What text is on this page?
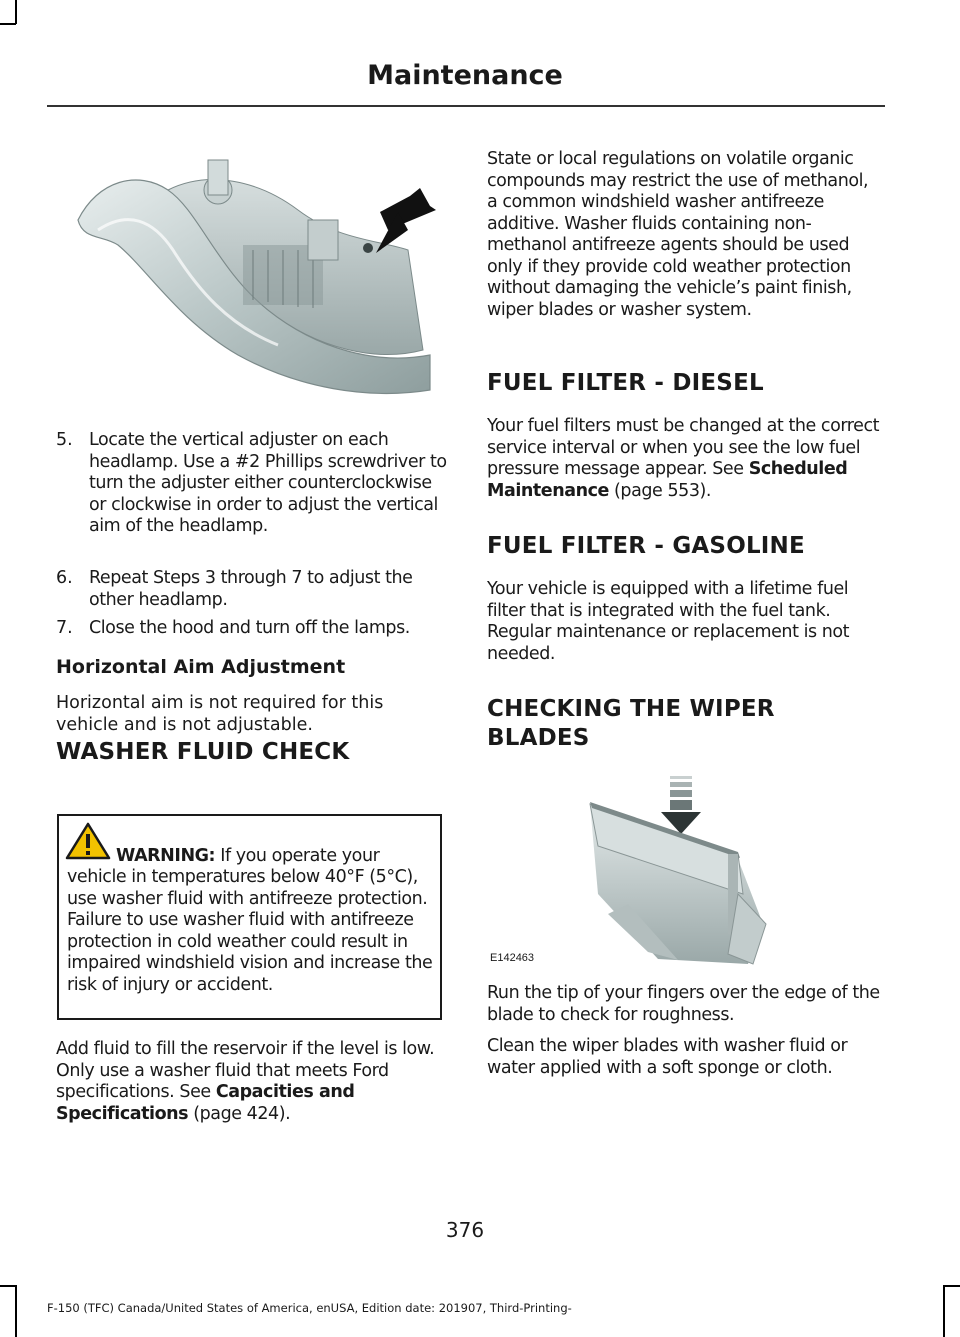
Maintenance
5. Locate the vertical adjuster on each headlamp. Use a #2 Phillips screwdriver to turn the adjuster either counterclockwise or clockwise in order to adjust the vertical aim of the headlamp.

6. Repeat Steps 3 through 7 to adjust the other headlamp.

7. Close the hood and turn off the lamps.

Horizontal Aim Adjustment

Horizontal aim is not required for this vehicle and is not adjustable.

WASHER FLUID CHECK

WARNING: If you operate your

vehicle in temperatures below 40°F (5°C), use washer fluid with antifreeze protection. Failure to use washer fluid with antifreeze protection in cold weather could result in impaired windshield vision and increase the risk of injury or accident.

Add fluid to fill the reservoir if the level is low. Only use a washer fluid that meets Ford specifications. See Capacities and Specifications (page 424).

State or local regulations on volatile organic compounds may restrict the use of methanol, a common windshield washer antifreeze additive. Washer fluids containing non-methanol antifreeze agents should be used only if they provide cold weather protection without damaging the vehicle’s paint finish, wiper blades or washer system.

FUEL FILTER - DIESEL

Your fuel filters must be changed at the correct service interval or when you see the low fuel pressure message appear. See Scheduled Maintenance (page 553).

FUEL FILTER - GASOLINE

Your vehicle is equipped with a lifetime fuel filter that is integrated with the fuel tank. Regular maintenance or replacement is not needed.

CHECKING THE WIPER
BLADES
E142463

Run the tip of your fingers over the edge of the blade to check for roughness.

Clean the wiper blades with washer fluid or water applied with a soft sponge or cloth.

376
F-150 (TFC) Canada/United States of America, enUSA, Edition date: 201907, Third-Printing-
